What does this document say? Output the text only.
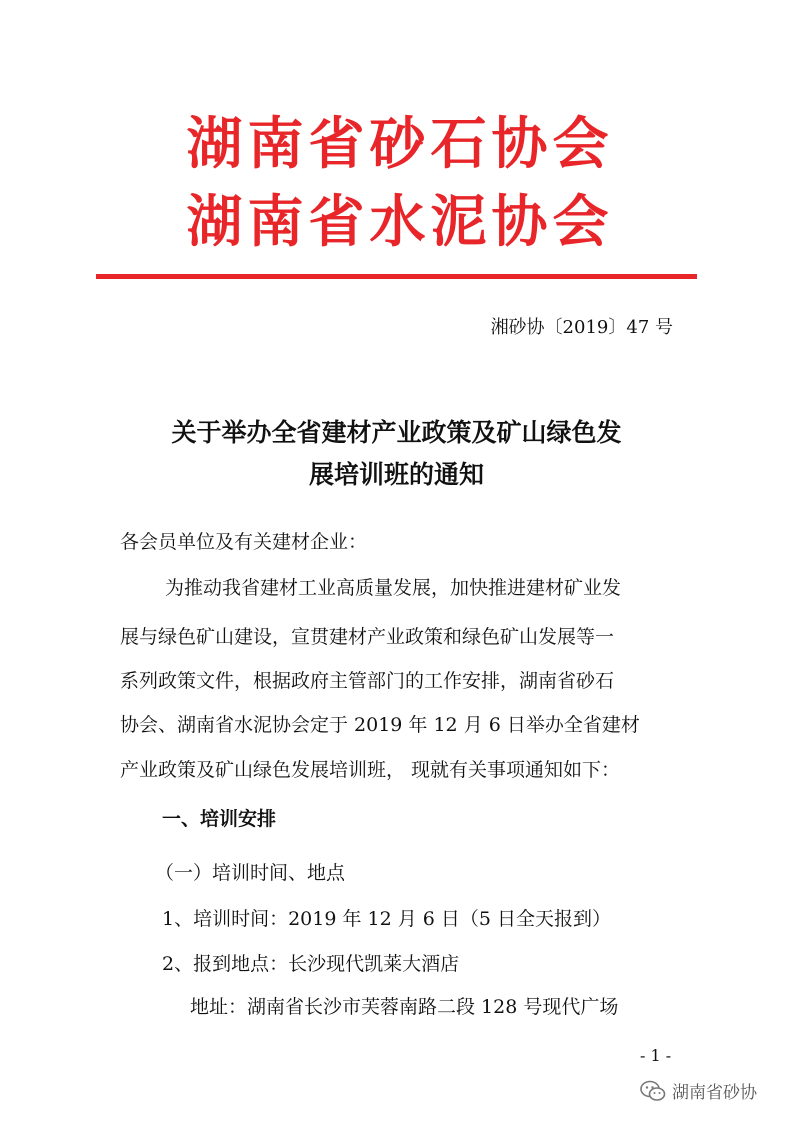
湖南省砂石协会
湖南省水泥协会
湘砂协〔2019〕47 号
关于举办全省建材产业政策及矿山绿色发
展培训班的通知
各会员单位及有关建材企业：
为推动我省建材工业高质量发展，加快推进建材矿业发
展与绿色矿山建设，宣贯建材产业政策和绿色矿山发展等一
系列政策文件，根据政府主管部门的工作安排，湖南省砂石
协会、湖南省水泥协会定于 2019 年 12 月 6 日举办全省建材
产业政策及矿山绿色发展培训班， 现就有关事项通知如下：
一、培训安排
（一）培训时间、地点
1、培训时间：2019 年 12 月 6 日（5 日全天报到）
2、报到地点：长沙现代凯莱大酒店
地址：湖南省长沙市芙蓉南路二段 128 号现代广场
- 1 -
湖南省砂协
